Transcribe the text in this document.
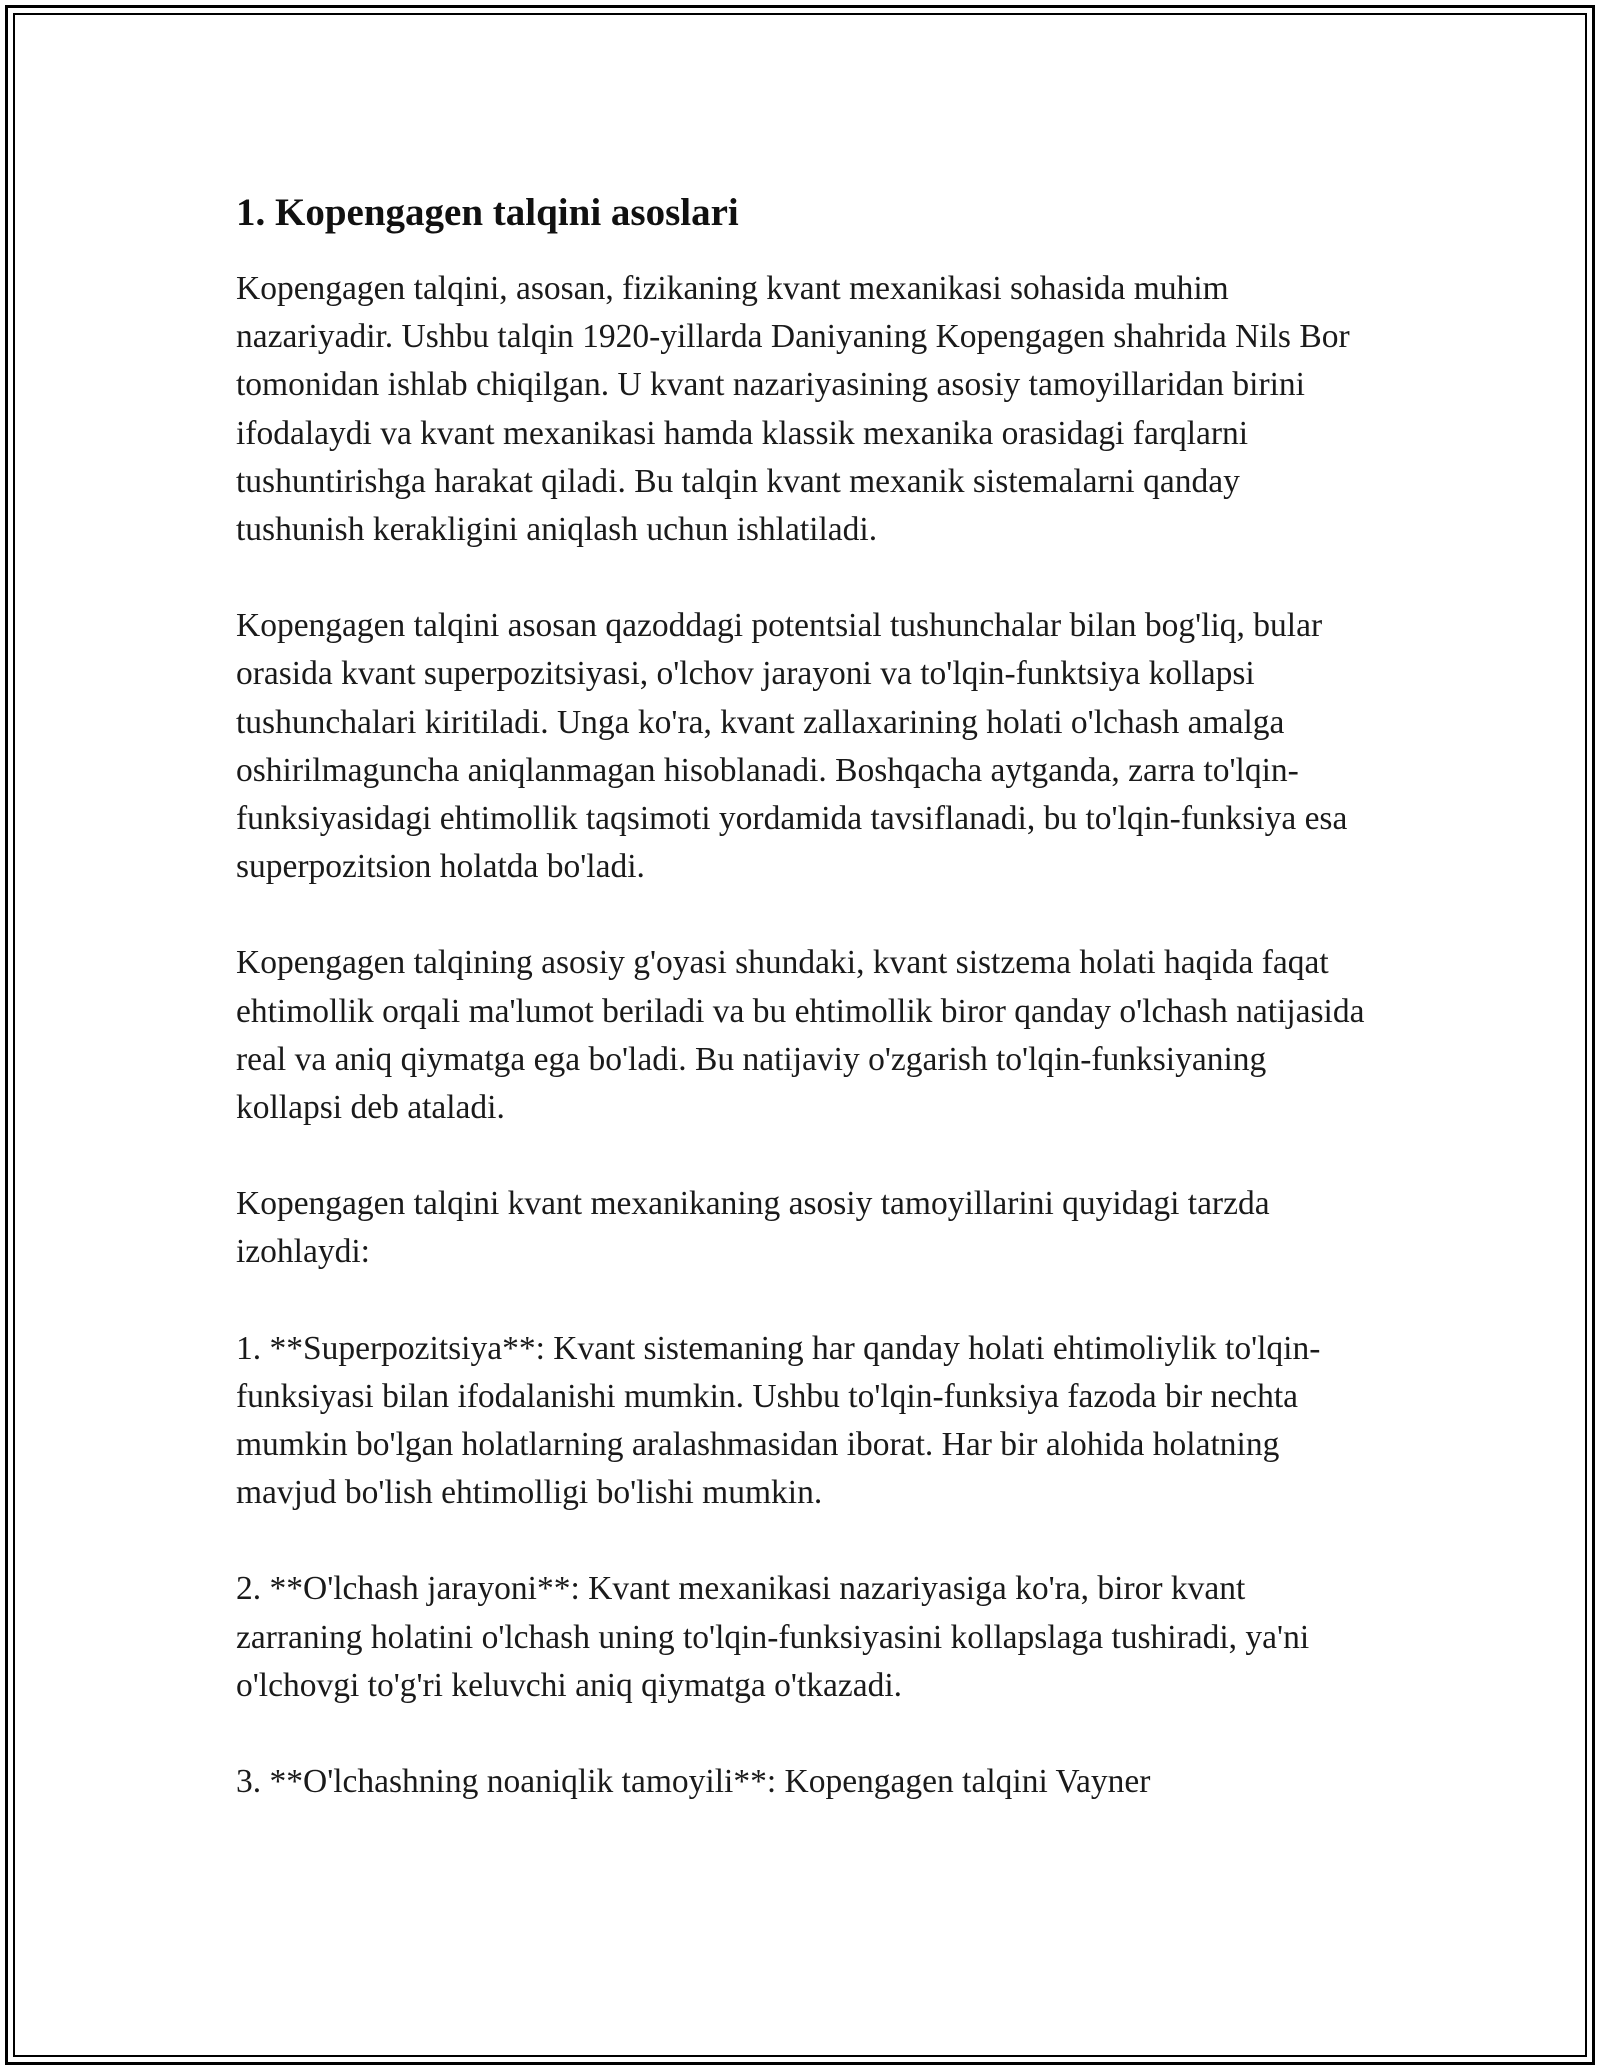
1. Kopengagen talqini asoslari

Kopengagen talqini, asosan, fizikaning kvant mexanikasi sohasida muhim nazariyadir. Ushbu talqin 1920-yillarda Daniyaning Kopengagen shahrida Nils Bor tomonidan ishlab chiqilgan. U kvant nazariyasining asosiy tamoyillaridan birini ifodalaydi va kvant mexanikasi hamda klassik mexanika orasidagi farqlarni tushuntirishga harakat qiladi. Bu talqin kvant mexanik sistemalarni qanday tushunish kerakligini aniqlash uchun ishlatiladi.

Kopengagen talqini asosan qazoddagi potentsial tushunchalar bilan bog'liq, bular orasida kvant superpozitsiyasi, o'lchov jarayoni va to'lqin-funktsiya kollapsi tushunchalari kiritiladi. Unga ko'ra, kvant zallaxarining holati o'lchash amalga oshirilmaguncha aniqlanmagan hisoblanadi. Boshqacha aytganda, zarra to'lqin-funksiyasidagi ehtimollik taqsimoti yordamida tavsiflanadi, bu to'lqin-funksiya esa superpozitsion holatda bo'ladi.

Kopengagen talqining asosiy g'oyasi shundaki, kvant sistzema holati haqida faqat ehtimollik orqali ma'lumot beriladi va bu ehtimollik biror qanday o'lchash natijasida real va aniq qiymatga ega bo'ladi. Bu natijaviy o'zgarish to'lqin-funksiyaning kollapsi deb ataladi.

Kopengagen talqini kvant mexanikaning asosiy tamoyillarini quyidagi tarzda izohlaydi:

1. **Superpozitsiya**: Kvant sistemaning har qanday holati ehtimoliylik to'lqin-funksiyasi bilan ifodalanishi mumkin. Ushbu to'lqin-funksiya fazoda bir nechta mumkin bo'lgan holatlarning aralashmasidan iborat. Har bir alohida holatning mavjud bo'lish ehtimolligi bo'lishi mumkin.

2. **O'lchash jarayoni**: Kvant mexanikasi nazariyasiga ko'ra, biror kvant zarraning holatini o'lchash uning to'lqin-funksiyasini kollapslaga tushiradi, ya'ni o'lchovgi to'g'ri keluvchi aniq qiymatga o'tkazadi.

3. **O'lchashning noaniqlik tamoyili**: Kopengagen talqini Vayner
